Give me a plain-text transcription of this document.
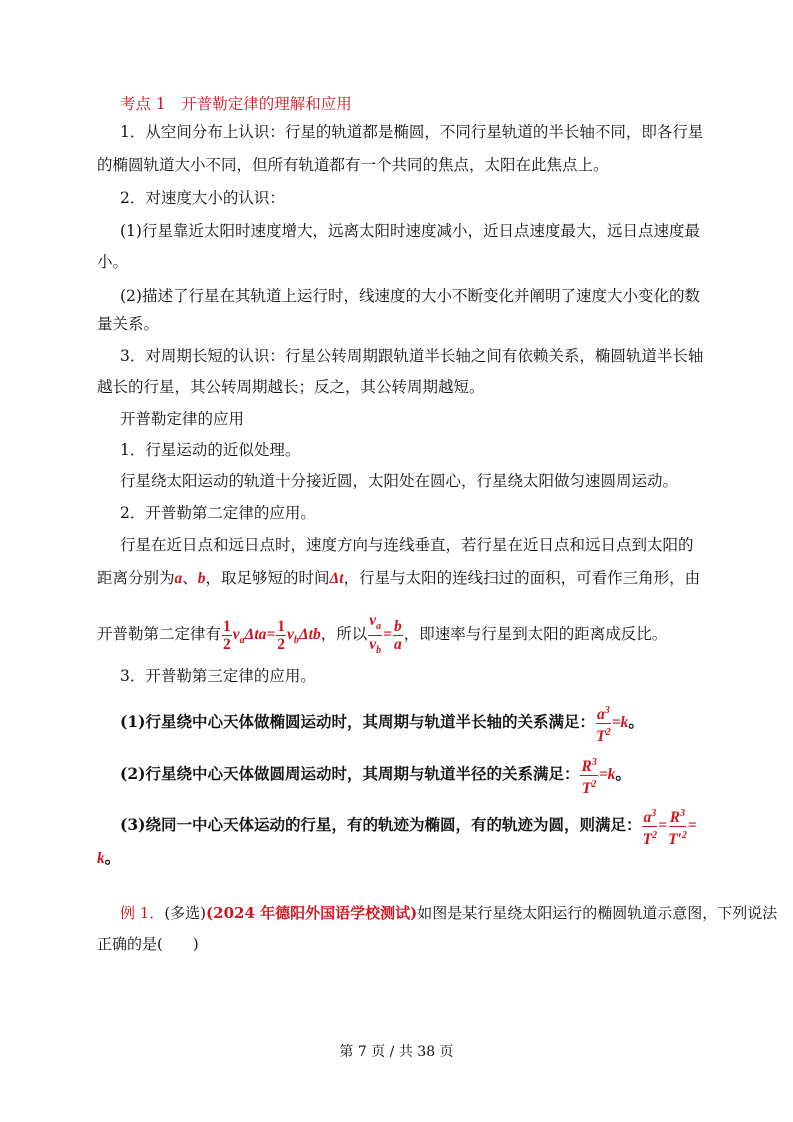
考点 1　开普勒定律的理解和应用
1．从空间分布上认识：行星的轨道都是椭圆，不同行星轨道的半长轴不同，即各行星
的椭圆轨道大小不同，但所有轨道都有一个共同的焦点，太阳在此焦点上。
2．对速度大小的认识：
(1)行星靠近太阳时速度增大，远离太阳时速度减小，近日点速度最大，远日点速度最
小。
(2)描述了行星在其轨道上运行时，线速度的大小不断变化并阐明了速度大小变化的数
量关系。
3．对周期长短的认识：行星公转周期跟轨道半长轴之间有依赖关系，椭圆轨道半长轴
越长的行星，其公转周期越长；反之，其公转周期越短。
开普勒定律的应用
1．行星运动的近似处理。
行星绕太阳运动的轨道十分接近圆，太阳处在圆心，行星绕太阳做匀速圆周运动。
2．开普勒第二定律的应用。
行星在近日点和远日点时，速度方向与连线垂直，若行星在近日点和远日点到太阳的
距离分别为a、b，取足够短的时间Δt，行星与太阳的连线扫过的面积，可看作三角形，由
开普勒第二定律有 $\frac{1}{2} v_a\Delta ta= \frac{1}{2} v_b\Delta tb$，所以 $\frac{v_a}{v_b} = \frac{b}{a}$ ，即速率与行星到太阳的距离成反比。
3．开普勒第三定律的应用。
(1)行星绕中心天体做椭圆运动时，其周期与轨道半长轴的关系满足： $\frac{a^3}{T^2} =k$。
(2)行星绕中心天体做圆周运动时，其周期与轨道半径的关系满足： $\frac{R^3}{T^2} =k$。
(3)绕同一中心天体运动的行星，有的轨迹为椭圆，有的轨迹为圆，则满足： $\frac{a^3}{T^2} = \frac{R^3}{T'^2}$ =
k。
例 1．(多选)(2024 年德阳外国语学校测试)如图是某行星绕太阳运行的椭圆轨道示意图，下列说法
正确的是(　　)
第 7 页 / 共 38 页
